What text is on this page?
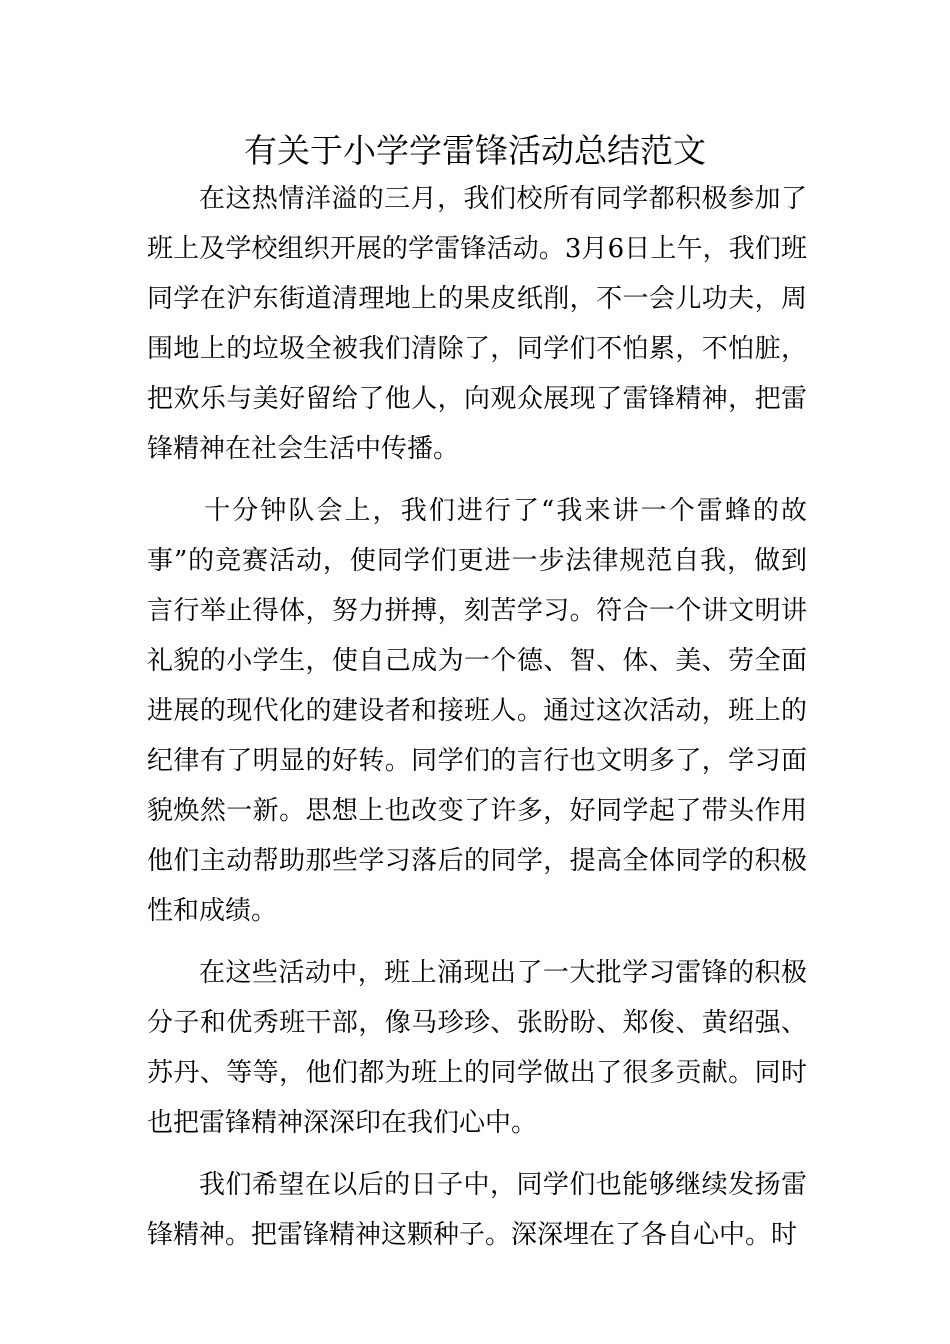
有关于小学学雷锋活动总结范文

在这热情洋溢的三月，我们校所有同学都积极参加了班上及学校组织开展的学雷锋活动。3月6日上午，我们班同学在沪东街道清理地上的果皮纸削，不一会儿功夫，周围地上的垃圾全被我们清除了，同学们不怕累，不怕脏，把欢乐与美好留给了他人，向观众展现了雷锋精神，把雷锋精神在社会生活中传播。

十分钟队会上，我们进行了“我来讲一个雷蜂的故事”的竞赛活动，使同学们更进一步法律规范自我，做到言行举止得体，努力拼搏，刻苦学习。符合一个讲文明讲礼貌的小学生，使自己成为一个德、智、体、美、劳全面进展的现代化的建设者和接班人。通过这次活动，班上的纪律有了明显的好转。同学们的言行也文明多了，学习面貌焕然一新。思想上也改变了许多，好同学起了带头作用他们主动帮助那些学习落后的同学，提高全体同学的积极性和成绩。

在这些活动中，班上涌现出了一大批学习雷锋的积极分子和优秀班干部，像马珍珍、张盼盼、郑俊、黄绍强、苏丹、等等，他们都为班上的同学做出了很多贡献。同时也把雷锋精神深深印在我们心中。

我们希望在以后的日子中，同学们也能够继续发扬雷锋精神。把雷锋精神这颗种子。深深埋在了各自心中。时
